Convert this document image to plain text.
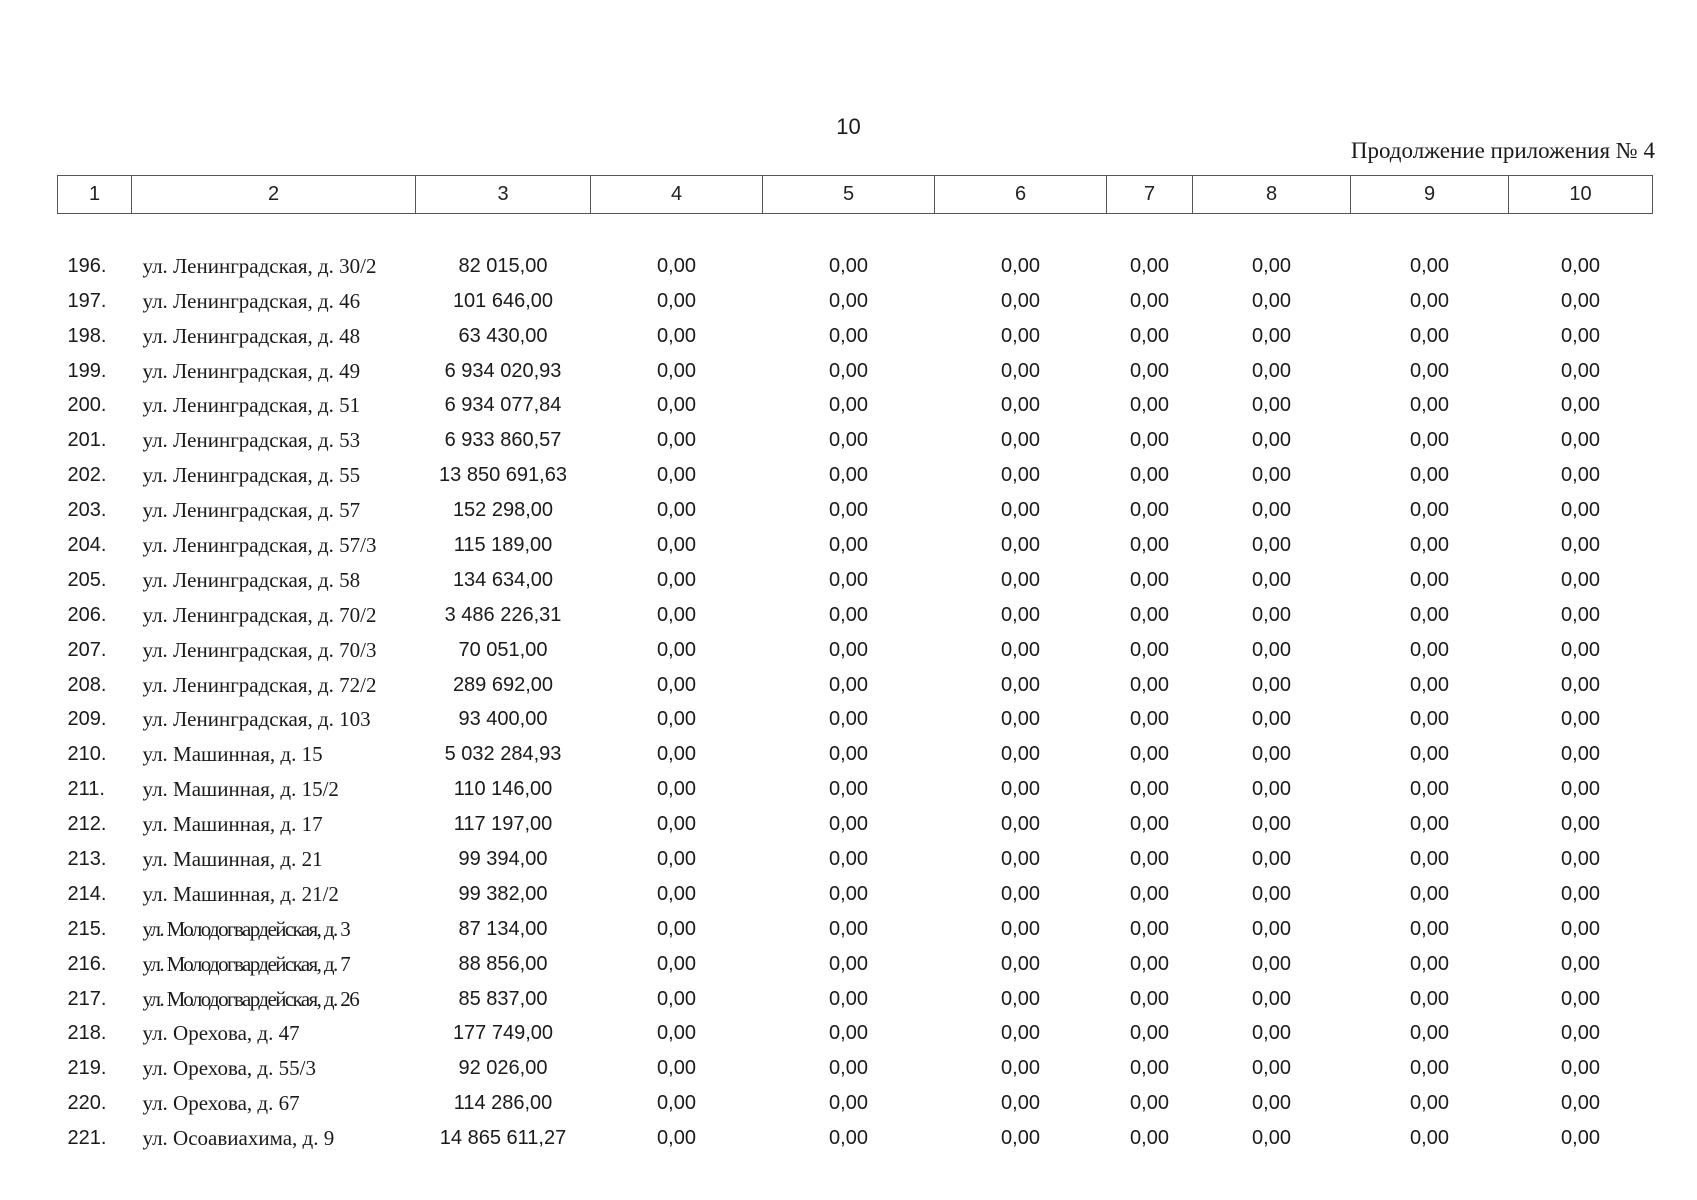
10
Продолжение приложения № 4
1	2	3	4	5	6	7	8	9	10

196.	ул. Ленинградская, д. 30/2	82 015,00	0,00	0,00	0,00	0,00	0,00	0,00	0,00
197.	ул. Ленинградская, д. 46	101 646,00	0,00	0,00	0,00	0,00	0,00	0,00	0,00
198.	ул. Ленинградская, д. 48	63 430,00	0,00	0,00	0,00	0,00	0,00	0,00	0,00
199.	ул. Ленинградская, д. 49	6 934 020,93	0,00	0,00	0,00	0,00	0,00	0,00	0,00
200.	ул. Ленинградская, д. 51	6 934 077,84	0,00	0,00	0,00	0,00	0,00	0,00	0,00
201.	ул. Ленинградская, д. 53	6 933 860,57	0,00	0,00	0,00	0,00	0,00	0,00	0,00
202.	ул. Ленинградская, д. 55	13 850 691,63	0,00	0,00	0,00	0,00	0,00	0,00	0,00
203.	ул. Ленинградская, д. 57	152 298,00	0,00	0,00	0,00	0,00	0,00	0,00	0,00
204.	ул. Ленинградская, д. 57/3	115 189,00	0,00	0,00	0,00	0,00	0,00	0,00	0,00
205.	ул. Ленинградская, д. 58	134 634,00	0,00	0,00	0,00	0,00	0,00	0,00	0,00
206.	ул. Ленинградская, д. 70/2	3 486 226,31	0,00	0,00	0,00	0,00	0,00	0,00	0,00
207.	ул. Ленинградская, д. 70/3	70 051,00	0,00	0,00	0,00	0,00	0,00	0,00	0,00
208.	ул. Ленинградская, д. 72/2	289 692,00	0,00	0,00	0,00	0,00	0,00	0,00	0,00
209.	ул. Ленинградская, д. 103	93 400,00	0,00	0,00	0,00	0,00	0,00	0,00	0,00
210.	ул. Машинная, д. 15	5 032 284,93	0,00	0,00	0,00	0,00	0,00	0,00	0,00
211.	ул. Машинная, д. 15/2	110 146,00	0,00	0,00	0,00	0,00	0,00	0,00	0,00
212.	ул. Машинная, д. 17	117 197,00	0,00	0,00	0,00	0,00	0,00	0,00	0,00
213.	ул. Машинная, д. 21	99 394,00	0,00	0,00	0,00	0,00	0,00	0,00	0,00
214.	ул. Машинная, д. 21/2	99 382,00	0,00	0,00	0,00	0,00	0,00	0,00	0,00
215.	ул. Молодогвардейская, д. 3	87 134,00	0,00	0,00	0,00	0,00	0,00	0,00	0,00
216.	ул. Молодогвардейская, д. 7	88 856,00	0,00	0,00	0,00	0,00	0,00	0,00	0,00
217.	ул. Молодогвардейская, д. 26	85 837,00	0,00	0,00	0,00	0,00	0,00	0,00	0,00
218.	ул. Орехова, д. 47	177 749,00	0,00	0,00	0,00	0,00	0,00	0,00	0,00
219.	ул. Орехова, д. 55/3	92 026,00	0,00	0,00	0,00	0,00	0,00	0,00	0,00
220.	ул. Орехова, д. 67	114 286,00	0,00	0,00	0,00	0,00	0,00	0,00	0,00
221.	ул. Осоавиахима, д. 9	14 865 611,27	0,00	0,00	0,00	0,00	0,00	0,00	0,00
